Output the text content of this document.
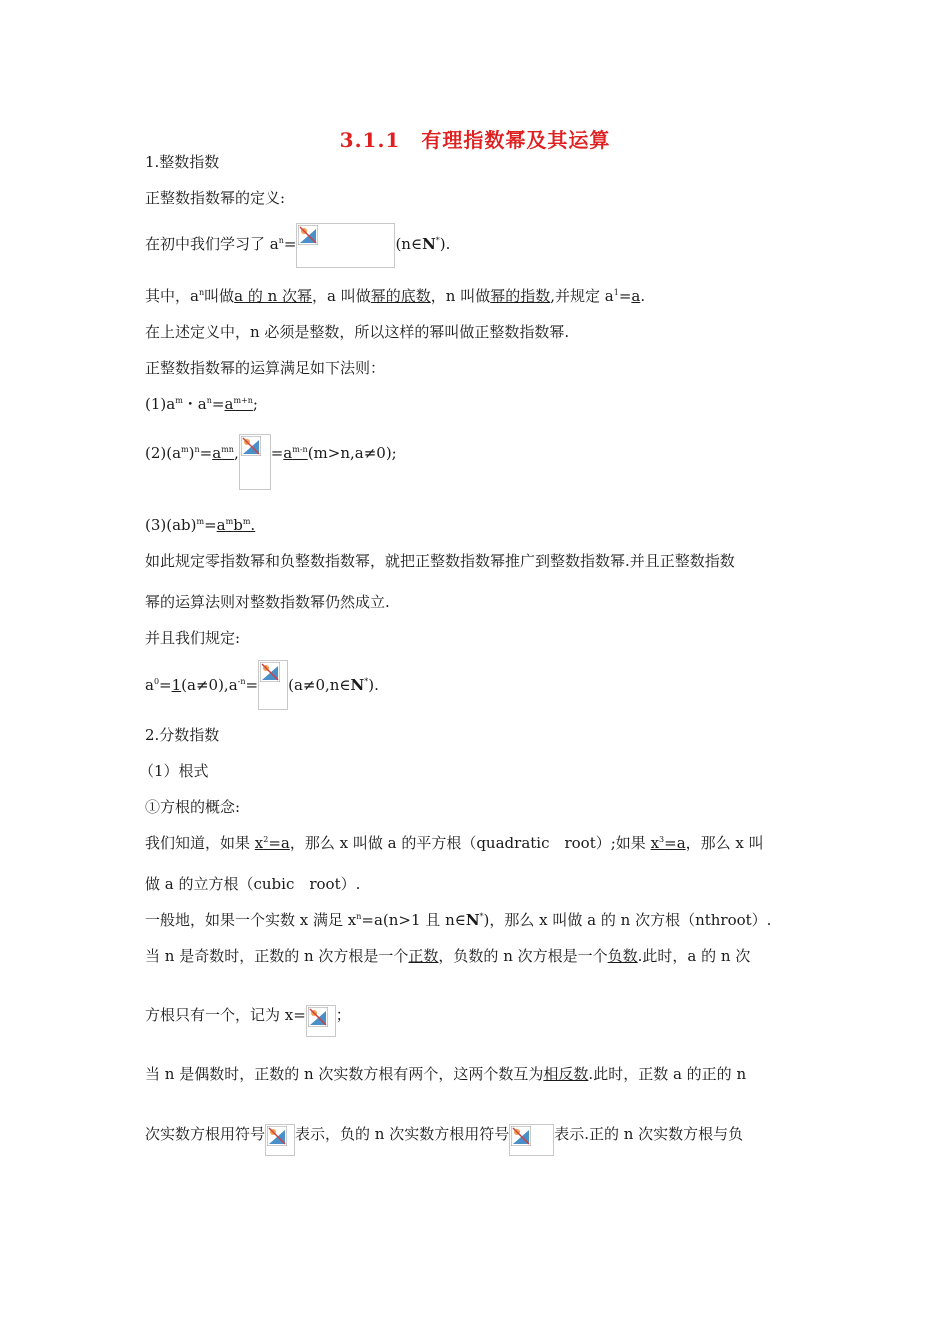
3.1.1　有理指数幂及其运算
1.整数指数
正整数指数幂的定义:
在初中我们学习了 $a^n=$	(n∈N*).
其中，$a^n$叫做a 的 n 次幂，a 叫做幂的底数，n 叫做幂的指数,并规定 $a^1=a$.
在上述定义中，n 必须是整数，所以这样的幂叫做正整数指数幂.
正整数指数幂的运算满足如下法则：
$(1)a^m$・$a^n=a^{m+n}$;
$(2)(a^m)^n=a^{mn}$, $=a^{m-n}(m>n,a\ne 0)$;
$(3)(ab)^m=a^mb^m$.
如此规定零指数幂和负整数指数幂，就把正整数指数幂推广到整数指数幂.并且正整数指数
幂的运算法则对整数指数幂仍然成立.
并且我们规定:
$a^0=1(a\ne 0),a^{-n}=$ (a≠0,n∈N*).
2.分数指数
（1）根式
①方根的概念:
我们知道，如果 $x^2=a$，那么 x 叫做 a 的平方根（quadratic　root）;如果 $x^3=a$，那么 x 叫
做 a 的立方根（cubic　root）.
一般地，如果一个实数 x 满足 $x^n=a(n>1$ 且 n∈N*)，那么 x 叫做 a 的 n 次方根（nthroot）.
当 n 是奇数时，正数的 n 次方根是一个正数，负数的 n 次方根是一个负数.此时，a 的 n 次
方根只有一个，记为 x= ；
当 n 是偶数时，正数的 n 次实数方根有两个，这两个数互为相反数.此时，正数 a 的正的 n
次实数方根用符号 表示，负的 n 次实数方根用符号	表示.正的 n 次实数方根与负
